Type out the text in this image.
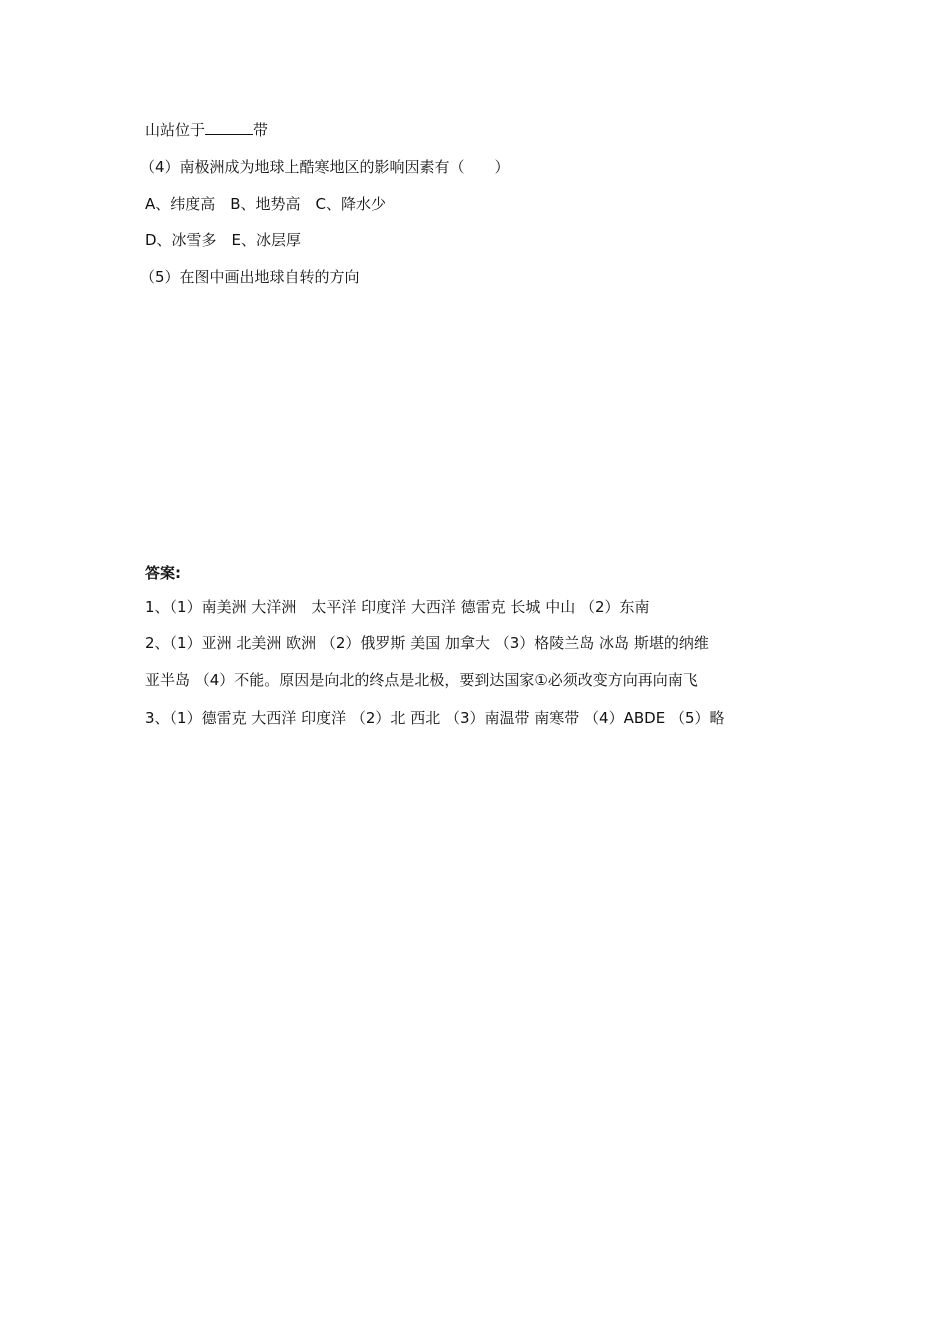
山站位于	带
（4）南极洲成为地球上酷寒地区的影响因素有（　　）
A、纬度高　B、地势高　C、降水少
D、冰雪多　E、冰层厚
（5）在图中画出地球自转的方向
答案:
1、（1）南美洲 大洋洲　太平洋 印度洋 大西洋 德雷克 长城 中山 （2）东南
2、（1）亚洲 北美洲 欧洲 （2）俄罗斯 美国 加拿大 （3）格陵兰岛 冰岛 斯堪的纳维
亚半岛 （4）不能。原因是向北的终点是北极，要到达国家①必须改变方向再向南飞
3、（1）德雷克 大西洋 印度洋 （2）北 西北 （3）南温带 南寒带 （4）ABDE （5）略
